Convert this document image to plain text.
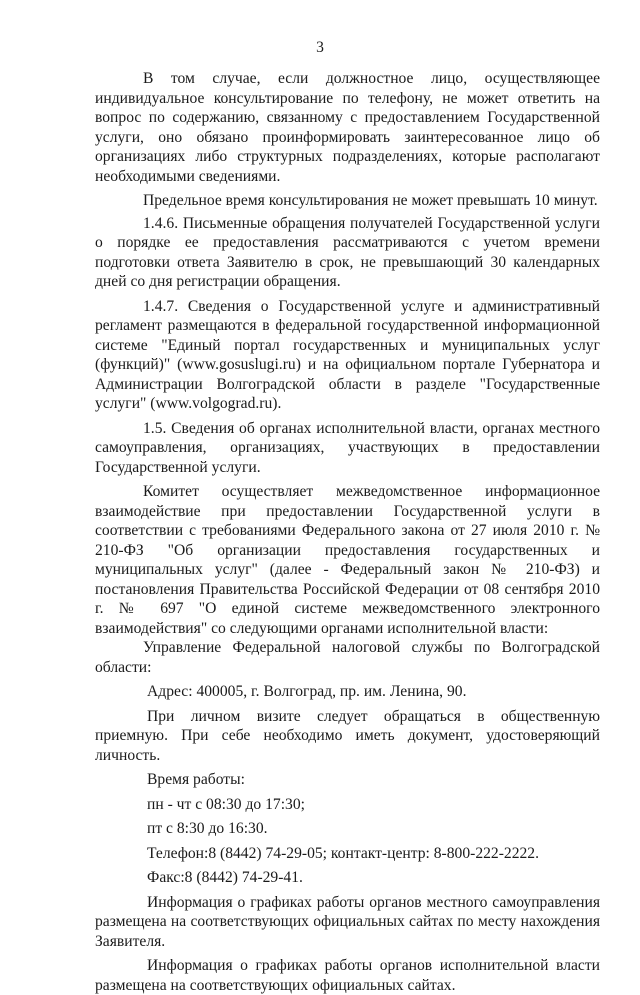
3

В том случае, если должностное лицо, осуществляющее индивидуальное консультирование по телефону, не может ответить на вопрос по содержанию, связанному с предоставлением Государственной услуги, оно обязано проинформировать заинтересованное лицо об организациях либо структурных подразделениях, которые располагают необходимыми сведениями.

Предельное время консультирования не может превышать 10 минут.

1.4.6. Письменные обращения получателей Государственной услуги о порядке ее предоставления рассматриваются с учетом времени подготовки ответа Заявителю в срок, не превышающий 30 календарных дней со дня регистрации обращения.

1.4.7. Сведения о Государственной услуге и административный регламент размещаются в федеральной государственной информационной системе "Единый портал государственных и муниципальных услуг (функций)" (www.gosuslugi.ru) и на официальном портале Губернатора и Администрации Волгоградской области в разделе "Государственные услуги" (www.volgograd.ru).

1.5. Сведения об органах исполнительной власти, органах местного самоуправления, организациях, участвующих в предоставлении Государственной услуги.

Комитет осуществляет межведомственное информационное взаимодействие при предоставлении Государственной услуги в соответствии с требованиями Федерального закона от 27 июля 2010 г. № 210-ФЗ "Об организации предоставления государственных и муниципальных услуг" (далее - Федеральный закон № 210-ФЗ) и постановления Правительства Российской Федерации от 08 сентября 2010 г. № 697 "О единой системе межведомственного электронного взаимодействия" со следующими органами исполнительной власти:

Управление Федеральной налоговой службы по Волгоградской области:

Адрес: 400005, г. Волгоград, пр. им. Ленина, 90.

При личном визите следует обращаться в общественную приемную. При себе необходимо иметь документ, удостоверяющий личность.

Время работы:

пн - чт с 08:30 до 17:30;

пт с 8:30 до 16:30.

Телефон:8 (8442) 74-29-05; контакт-центр: 8-800-222-2222.

Факс:8 (8442) 74-29-41.

Информация о графиках работы органов местного самоуправления размещена на соответствующих официальных сайтах по месту нахождения Заявителя.

Информация о графиках работы органов исполнительной власти размещена на соответствующих официальных сайтах.
